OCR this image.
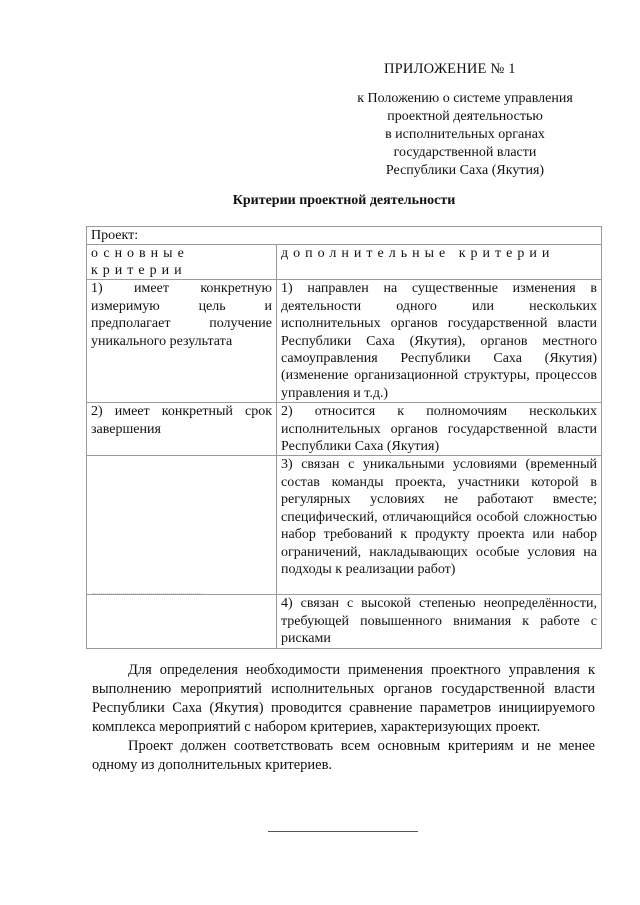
ПРИЛОЖЕНИЕ № 1
к Положению о системе управления
проектной деятельностью
в исполнительных органах
государственной власти
Республики Саха (Якутия)
Критерии проектной деятельности
Проект:	
основные критерии	дополнительные критерии
1) имеет конкретную измеримую цель и предполагает получение уникального результата	1) направлен на существенные изменения в деятельности одного или нескольких исполнительных органов государственной власти Республики Саха (Якутия), органов местного самоуправления Республики Саха (Якутия) (изменение организационной структуры, процессов управления и т.д.)
2) имеет конкретный срок завершения	2) относится к полномочиям нескольких исполнительных органов государственной власти Республики Саха (Якутия)
	3) связан с уникальными условиями (временный состав команды проекта, участники которой в регулярных условиях не работают вместе; специфический, отличающийся особой сложностью набор требований к продукту проекта или набор ограничений, накладывающих особые условия на подходы к реализации работ)
	4) связан с высокой степенью неопределённости, требующей повышенного внимания к работе с рисками
Для определения необходимости применения проектного управления к выполнению мероприятий исполнительных органов государственной власти Республики Саха (Якутия) проводится сравнение параметров инициируемого комплекса мероприятий с набором критериев, характеризующих проект.
Проект должен соответствовать всем основным критериям и не менее одному из дополнительных критериев.
